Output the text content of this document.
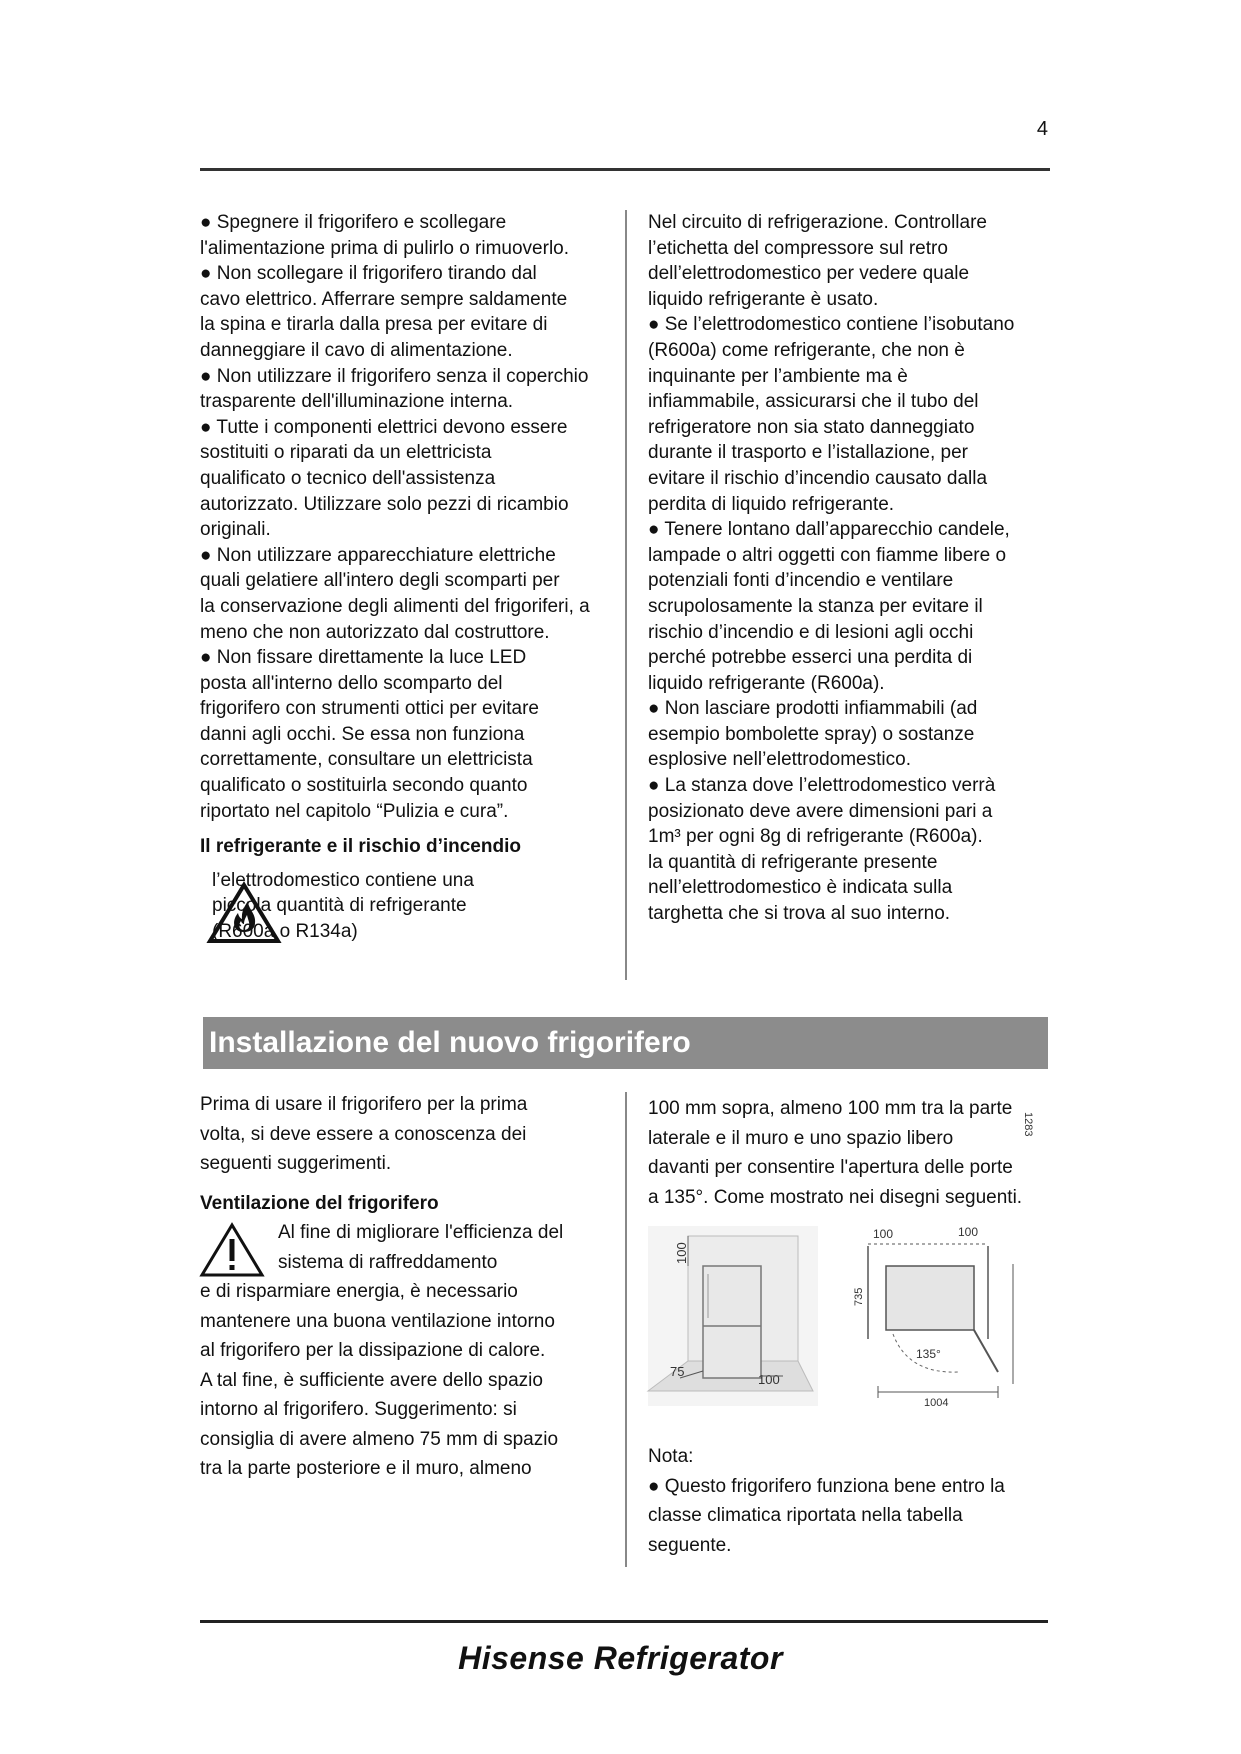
4

● Spegnere il frigorifero e scollegare
l'alimentazione prima di pulirlo o rimuoverlo.

● Non scollegare il frigorifero tirando dal
cavo elettrico. Afferrare sempre saldamente
la spina e tirarla dalla presa per evitare di
danneggiare il cavo di alimentazione.

● Non utilizzare il frigorifero senza il coperchio
trasparente dell'illuminazione interna.

● Tutte i componenti elettrici devono essere
sostituiti o riparati da un elettricista
qualificato o tecnico dell'assistenza
autorizzato. Utilizzare solo pezzi di ricambio
originali.

● Non utilizzare apparecchiature elettriche
quali gelatiere all'intero degli scomparti per
la conservazione degli alimenti del frigoriferi, a
meno che non autorizzato dal costruttore.

● Non fissare direttamente la luce LED
posta all'interno dello scomparto del
frigorifero con strumenti ottici per evitare
danni agli occhi. Se essa non funziona
correttamente, consultare un elettricista
qualificato o sostituirla secondo quanto
riportato nel capitolo “Pulizia e cura”.

Il refrigerante e il rischio d’incendio

l’elettrodomestico contiene una
piccola quantità di refrigerante
(R600a o R134a)

Nel circuito di refrigerazione. Controllare
l’etichetta del compressore sul retro
dell’elettrodomestico per vedere quale
liquido refrigerante è usato.

● Se l’elettrodomestico contiene l’isobutano
(R600a) come refrigerante, che non è
inquinante per l’ambiente ma è
infiammabile, assicurarsi che il tubo del
refrigeratore non sia stato danneggiato
durante il trasporto e l’istallazione, per
evitare il rischio d’incendio causato dalla
perdita di liquido refrigerante.

● Tenere lontano dall’apparecchio candele,
lampade o altri oggetti con fiamme libere o
potenziali fonti d’incendio e ventilare
scrupolosamente la stanza per evitare il
rischio d’incendio e di lesioni agli occhi
perché potrebbe esserci una perdita di
liquido refrigerante (R600a).

● Non lasciare prodotti infiammabili (ad
esempio bombolette spray) o sostanze
esplosive nell’elettrodomestico.

● La stanza dove l’elettrodomestico verrà
posizionato deve avere dimensioni pari a
1m³ per ogni 8g di refrigerante (R600a).
la quantità di refrigerante presente
nell’elettrodomestico è indicata sulla
targhetta che si trova al suo interno.

Installazione del nuovo frigorifero

Prima di usare il frigorifero per la prima
volta, si deve essere a conoscenza dei
seguenti suggerimenti.

Ventilazione del frigorifero

Al fine di migliorare l'efficienza del
sistema di raffreddamento

e di risparmiare energia, è necessario
mantenere una buona ventilazione intorno
al frigorifero per la dissipazione di calore.
A tal fine, è sufficiente avere dello spazio
intorno al frigorifero. Suggerimento: si
consiglia di avere almeno 75 mm di spazio
tra la parte posteriore e il muro, almeno

100 mm sopra, almeno 100 mm tra la parte
laterale e il muro e uno spazio libero
davanti per consentire l'apertura delle porte
a 135°. Come mostrato nei disegni seguenti.

100
75
100
100	100
735
1283
135°
1004

Nota:

● Questo frigorifero funziona bene entro la
classe climatica riportata nella tabella
seguente.

Hisense Refrigerator
